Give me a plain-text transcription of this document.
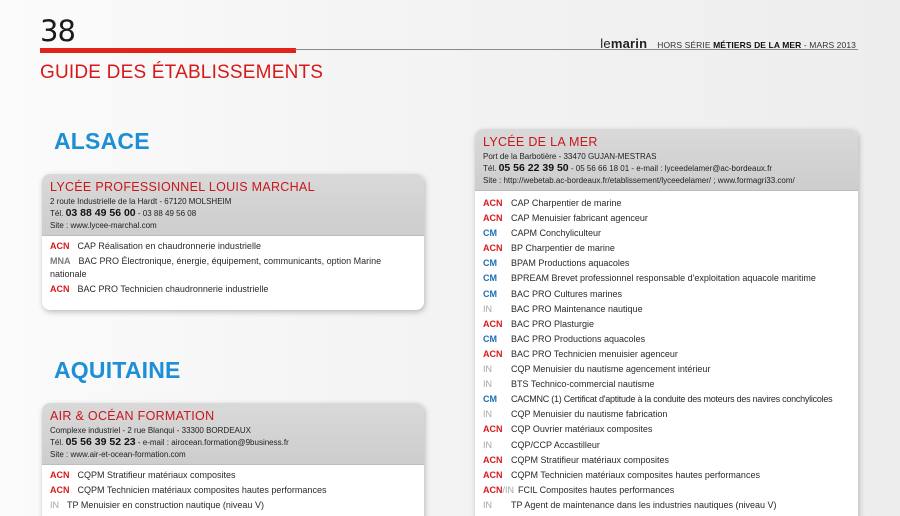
38	lemarin HORS SÉRIE MÉTIERS DE LA MER - MARS 2013
GUIDE DES ÉTABLISSEMENTS
ALSACE
LYCÉE PROFESSIONNEL LOUIS MARCHAL
2 route Industrielle de la Hardt - 67120 MOLSHEIM
Tél. 03 88 49 56 00 - 03 88 49 56 08
Site : www.lycee-marchal.com
ACN CAP Réalisation en chaudronnerie industrielle
MNA BAC PRO Électronique, énergie, équipement, communicants, option Marine nationale
ACN BAC PRO Technicien chaudronnerie industrielle
AQUITAINE
AIR & OCÉAN FORMATION
Complexe industriel - 2 rue Blanqui - 33300 BORDEAUX
Tél. 05 56 39 52 23 - e-mail : airocean.formation@9business.fr
Site : www.air-et-ocean-formation.com
ACN CQPM Stratifieur matériaux composites
ACN CQPM Technicien matériaux composites hautes performances
IN TP Menuisier en construction nautique (niveau V)
LYCÉE DE LA MER
Port de la Barbotière - 33470 GUJAN-MESTRAS
Tél. 05 56 22 39 50 - 05 56 66 18 01 - e-mail : lyceedelamer@ac-bordeaux.fr
Site : http://webetab.ac-bordeaux.fr/etablissement/lyceedelamer/ ; www.formagri33.com/
ACN CAP Charpentier de marine
ACN CAP Menuisier fabricant agenceur
CM	CAPM Conchyliculteur
ACN BP Charpentier de marine
CM	BPAM Productions aquacoles
CM	BPREAM Brevet professionnel responsable d'exploitation aquacole maritime
CM	BAC PRO Cultures marines
IN	BAC PRO Maintenance nautique
ACN BAC PRO Plasturgie
CM	BAC PRO Productions aquacoles
ACN BAC PRO Technicien menuisier agenceur
IN	CQP Menuisier du nautisme agencement intérieur
IN	BTS Technico-commercial nautisme
CM	CACMNC (1) Certificat d'aptitude à la conduite des moteurs des navires conchylicoles
IN	CQP Menuisier du nautisme fabrication
ACN CQP Ouvrier matériaux composites
IN	CQP/CCP Accastilleur
ACN CQPM Stratifieur matériaux composites
ACN CQPM Technicien matériaux composites hautes performances
ACN/IN FCIL Composites hautes performances
IN	TP Agent de maintenance dans les industries nautiques (niveau V)
